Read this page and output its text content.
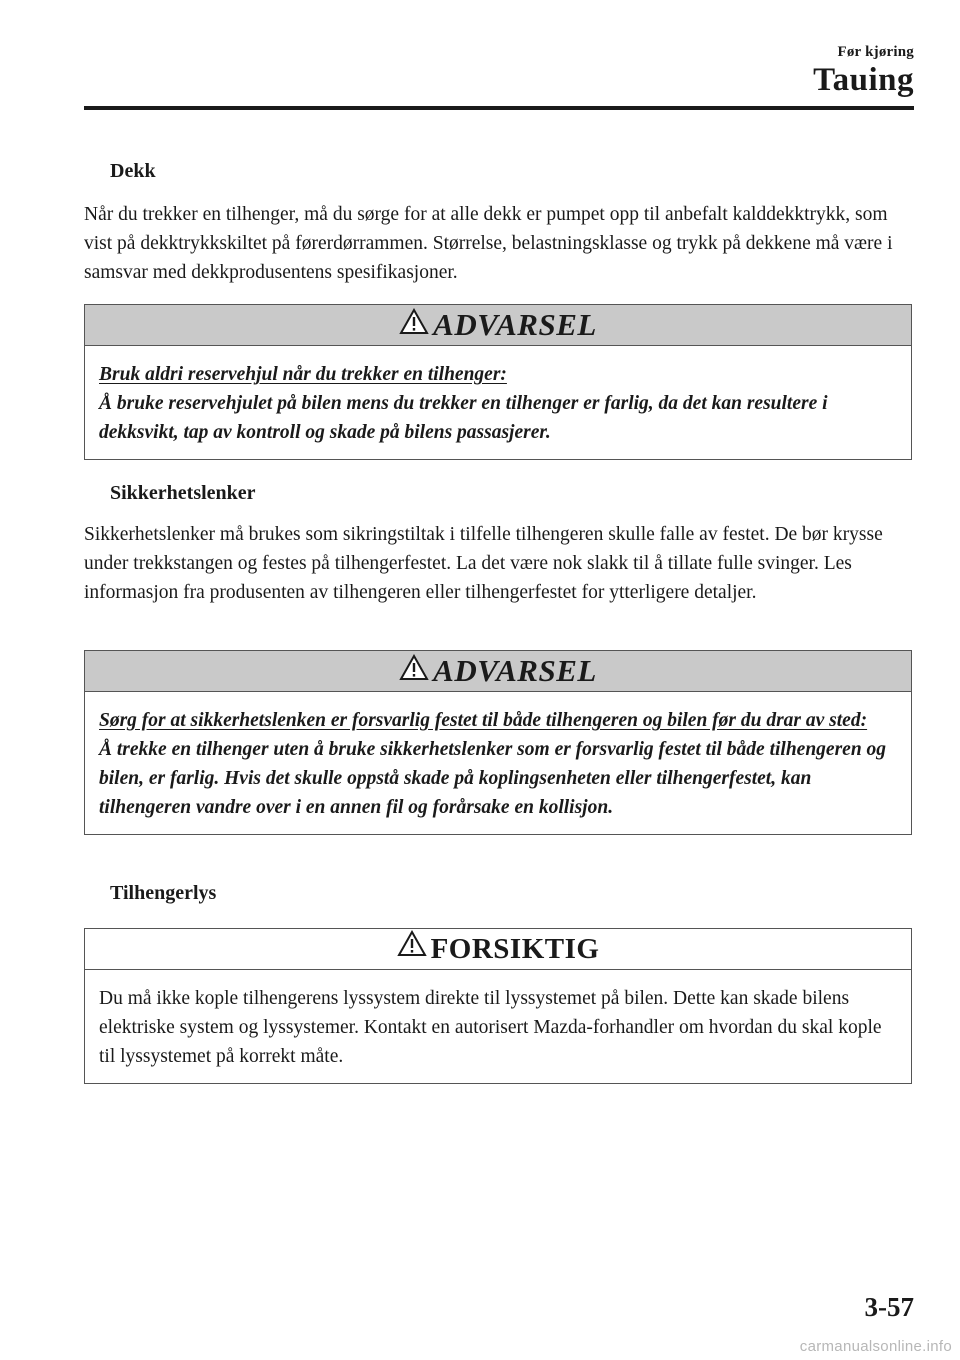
Før kjøring
Tauing
Dekk

Når du trekker en tilhenger, må du sørge for at alle dekk er pumpet opp til anbefalt kalddekktrykk, som vist på dekktrykkskiltet på førerdørrammen. Størrelse, belastningsklasse og trykk på dekkene må være i samsvar med dekkprodusentens spesifikasjoner.

ADVARSEL
Bruk aldri reservehjul når du trekker en tilhenger:
Å bruke reservehjulet på bilen mens du trekker en tilhenger er farlig, da det kan resultere i dekksvikt, tap av kontroll og skade på bilens passasjerer.
Sikkerhetslenker

Sikkerhetslenker må brukes som sikringstiltak i tilfelle tilhengeren skulle falle av festet. De bør krysse under trekkstangen og festes på tilhengerfestet. La det være nok slakk til å tillate fulle svinger. Les informasjon fra produsenten av tilhengeren eller tilhengerfestet for ytterligere detaljer.

ADVARSEL
Sørg for at sikkerhetslenken er forsvarlig festet til både tilhengeren og bilen før du drar av sted:
Å trekke en tilhenger uten å bruke sikkerhetslenker som er forsvarlig festet til både tilhengeren og bilen, er farlig. Hvis det skulle oppstå skade på koplingsenheten eller tilhengerfestet, kan tilhengeren vandre over i en annen fil og forårsake en kollisjon.
Tilhengerlys
FORSIKTIG
Du må ikke kople tilhengerens lyssystem direkte til lyssystemet på bilen. Dette kan skade bilens elektriske system og lyssystemer. Kontakt en autorisert Mazda-forhandler om hvordan du skal kople til lyssystemet på korrekt måte.
3-57
carmanualsonline.info
